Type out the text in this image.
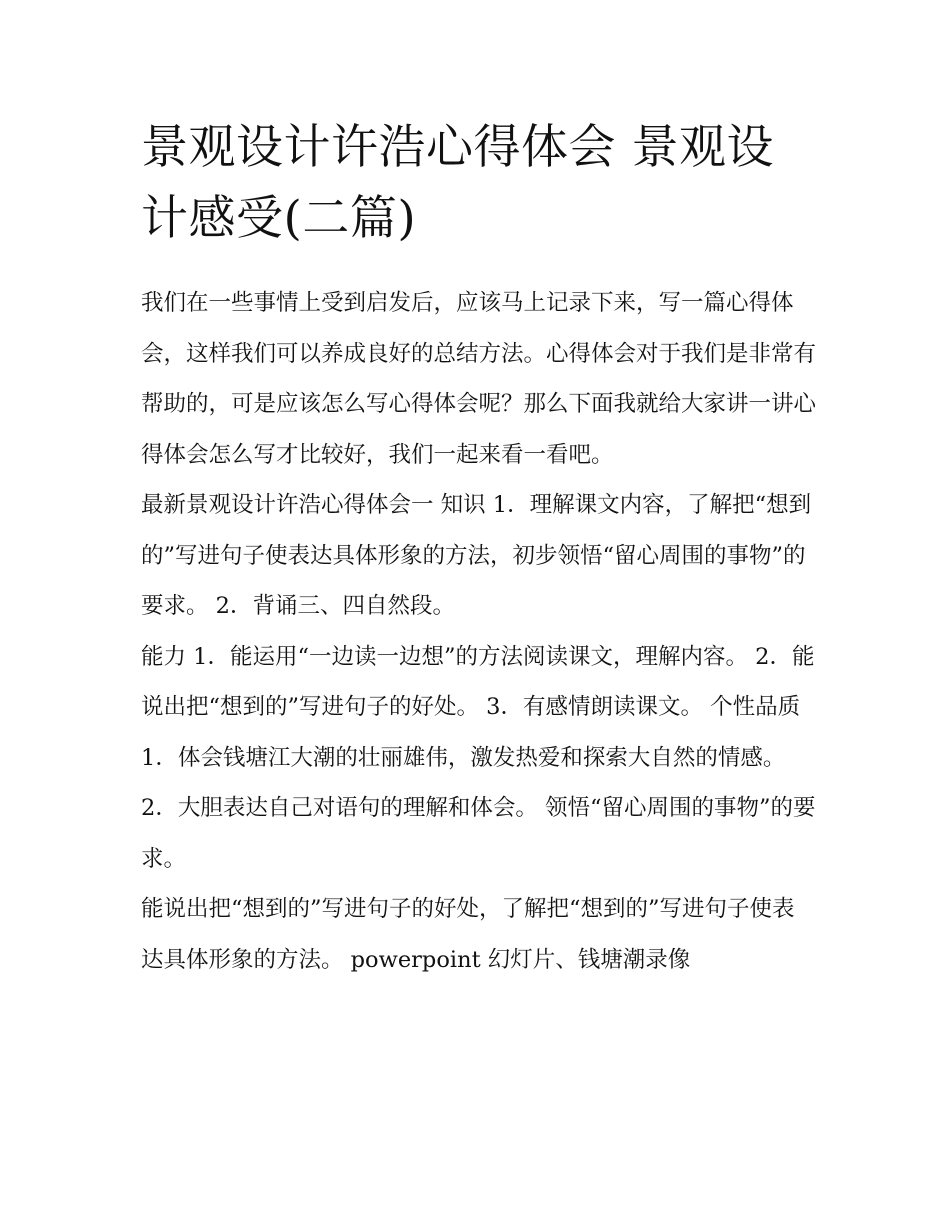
景观设计许浩心得体会 景观设计感受(二篇)

我们在一些事情上受到启发后，应该马上记录下来，写一篇心得体会，这样我们可以养成良好的总结方法。心得体会对于我们是非常有帮助的，可是应该怎么写心得体会呢？那么下面我就给大家讲一讲心得体会怎么写才比较好，我们一起来看一看吧。

最新景观设计许浩心得体会一 知识 1．理解课文内容，了解把“想到的”写进句子使表达具体形象的方法，初步领悟“留心周围的事物”的要求。 2．背诵三、四自然段。

能力 1．能运用“一边读一边想”的方法阅读课文，理解内容。 2．能说出把“想到的”写进句子的好处。 3．有感情朗读课文。 个性品质

1．体会钱塘江大潮的壮丽雄伟，激发热爱和探索大自然的情感。 2．大胆表达自己对语句的理解和体会。 领悟“留心周围的事物”的要求。

能说出把“想到的”写进句子的好处，了解把“想到的”写进句子使表达具体形象的方法。 powerpoint 幻灯片、钱塘潮录像
